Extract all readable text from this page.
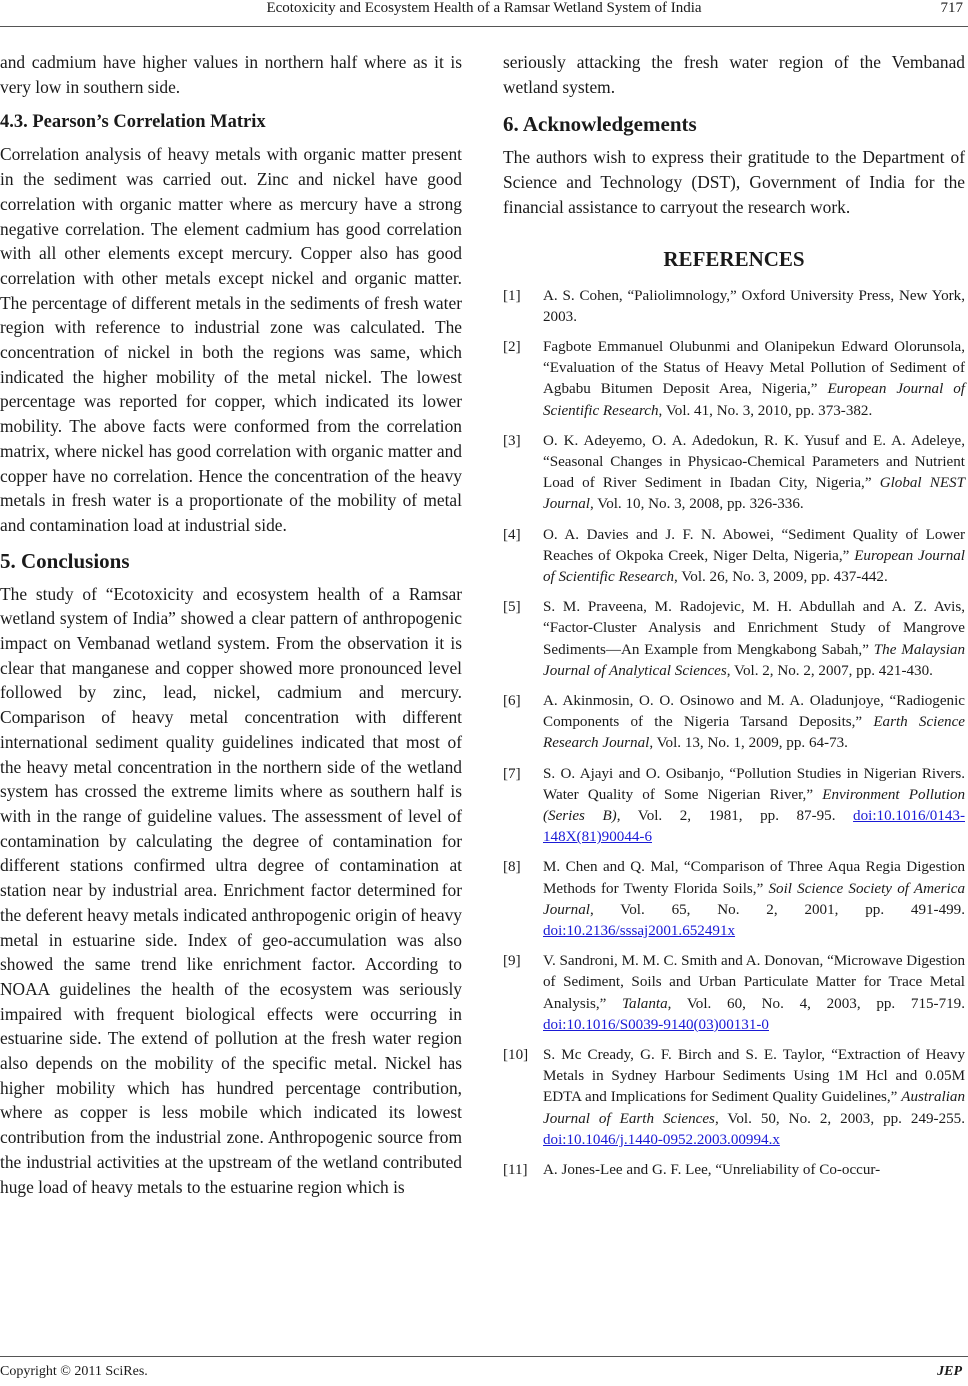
Ecotoxicity and Ecosystem Health of a Ramsar Wetland System of India	717

and cadmium have higher values in northern half where as it is very low in southern side.

4.3. Pearson’s Correlation Matrix

Correlation analysis of heavy metals with organic matter present in the sediment was carried out. Zinc and nickel have good correlation with organic matter where as mercury have a strong negative correlation. The element cadmium has good correlation with all other elements except mercury. Copper also has good correlation with other metals except nickel and organic matter. The percentage of different metals in the sediments of fresh water region with reference to industrial zone was calculated. The concentration of nickel in both the regions was same, which indicated the higher mobility of the metal nickel. The lowest percentage was reported for copper, which indicated its lower mobility. The above facts were conformed from the correlation matrix, where nickel has good correlation with organic matter and copper have no correlation. Hence the concentration of the heavy metals in fresh water is a proportionate of the mobility of metal and contamination load at industrial side.

5. Conclusions

The study of “Ecotoxicity and ecosystem health of a Ramsar wetland system of India” showed a clear pattern of anthropogenic impact on Vembanad wetland system. From the observation it is clear that manganese and copper showed more pronounced level followed by zinc, lead, nickel, cadmium and mercury. Comparison of heavy metal concentration with different international sediment quality guidelines indicated that most of the heavy metal concentration in the northern side of the wetland system has crossed the extreme limits where as southern half is with in the range of guideline values. The assessment of level of contamination by calculating the degree of contamination for different stations confirmed ultra degree of contamination at station near by industrial area. Enrichment factor determined for the deferent heavy metals indicated anthropogenic origin of heavy metal in estuarine side. Index of geo-accumulation was also showed the same trend like enrichment factor. According to NOAA guidelines the health of the ecosystem was seriously impaired with frequent biological effects were occurring in estuarine side. The extend of pollution at the fresh water region also depends on the mobility of the specific metal. Nickel has higher mobility which has hundred percentage contribution, where as copper is less mobile which indicated its lowest contribution from the industrial zone. Anthropogenic source from the industrial activities at the upstream of the wetland contributed huge load of heavy metals to the estuarine region which is

seriously attacking the fresh water region of the Vembanad wetland system.

6. Acknowledgements

The authors wish to express their gratitude to the Department of Science and Technology (DST), Government of India for the financial assistance to carryout the research work.

REFERENCES
[1]	A. S. Cohen, “Paliolimnology,” Oxford University Press, New York, 2003.
[2]	Fagbote Emmanuel Olubunmi and Olanipekun Edward Olorunsola, “Evaluation of the Status of Heavy Metal Pollution of Sediment of Agbabu Bitumen Deposit Area, Nigeria,” European Journal of Scientific Research, Vol. 41, No. 3, 2010, pp. 373-382.
[3]	O. K. Adeyemo, O. A. Adedokun, R. K. Yusuf and E. A. Adeleye, “Seasonal Changes in Physicao-Chemical Parameters and Nutrient Load of River Sediment in Ibadan City, Nigeria,” Global NEST Journal, Vol. 10, No. 3, 2008, pp. 326-336.
[4]	O. A. Davies and J. F. N. Abowei, “Sediment Quality of Lower Reaches of Okpoka Creek, Niger Delta, Nigeria,” European Journal of Scientific Research, Vol. 26, No. 3, 2009, pp. 437-442.
[5]	S. M. Praveena, M. Radojevic, M. H. Abdullah and A. Z. Avis, “Factor-Cluster Analysis and Enrichment Study of Mangrove Sediments—An Example from Mengkabong Sabah,” The Malaysian Journal of Analytical Sciences, Vol. 2, No. 2, 2007, pp. 421-430.
[6]	A. Akinmosin, O. O. Osinowo and M. A. Oladunjoye, “Radiogenic Components of the Nigeria Tarsand Deposits,” Earth Science Research Journal, Vol. 13, No. 1, 2009, pp. 64-73.
[7]	S. O. Ajayi and O. Osibanjo, “Pollution Studies in Nigerian Rivers. Water Quality of Some Nigerian River,” Environment Pollution (Series B), Vol. 2, 1981, pp. 87-95. doi:10.1016/0143-148X(81)90044-6
[8]	M. Chen and Q. Mal, “Comparison of Three Aqua Regia Digestion Methods for Twenty Florida Soils,” Soil Science Society of America Journal, Vol. 65, No. 2, 2001, pp. 491-499. doi:10.2136/sssaj2001.652491x
[9]	V. Sandroni, M. M. C. Smith and A. Donovan, “Microwave Digestion of Sediment, Soils and Urban Particulate Matter for Trace Metal Analysis,” Talanta, Vol. 60, No. 4, 2003, pp. 715-719. doi:10.1016/S0039-9140(03)00131-0
[10] S. Mc Cready, G. F. Birch and S. E. Taylor, “Extraction of Heavy Metals in Sydney Harbour Sediments Using 1M Hcl and 0.05M EDTA and Implications for Sediment Quality Guidelines,” Australian Journal of Earth Sciences, Vol. 50, No. 2, 2003, pp. 249-255. doi:10.1046/j.1440-0952.2003.00994.x
[11]	A. Jones-Lee and G. F. Lee, “Unreliability of Co-occur-
Copyright © 2011 SciRes.	JEP
